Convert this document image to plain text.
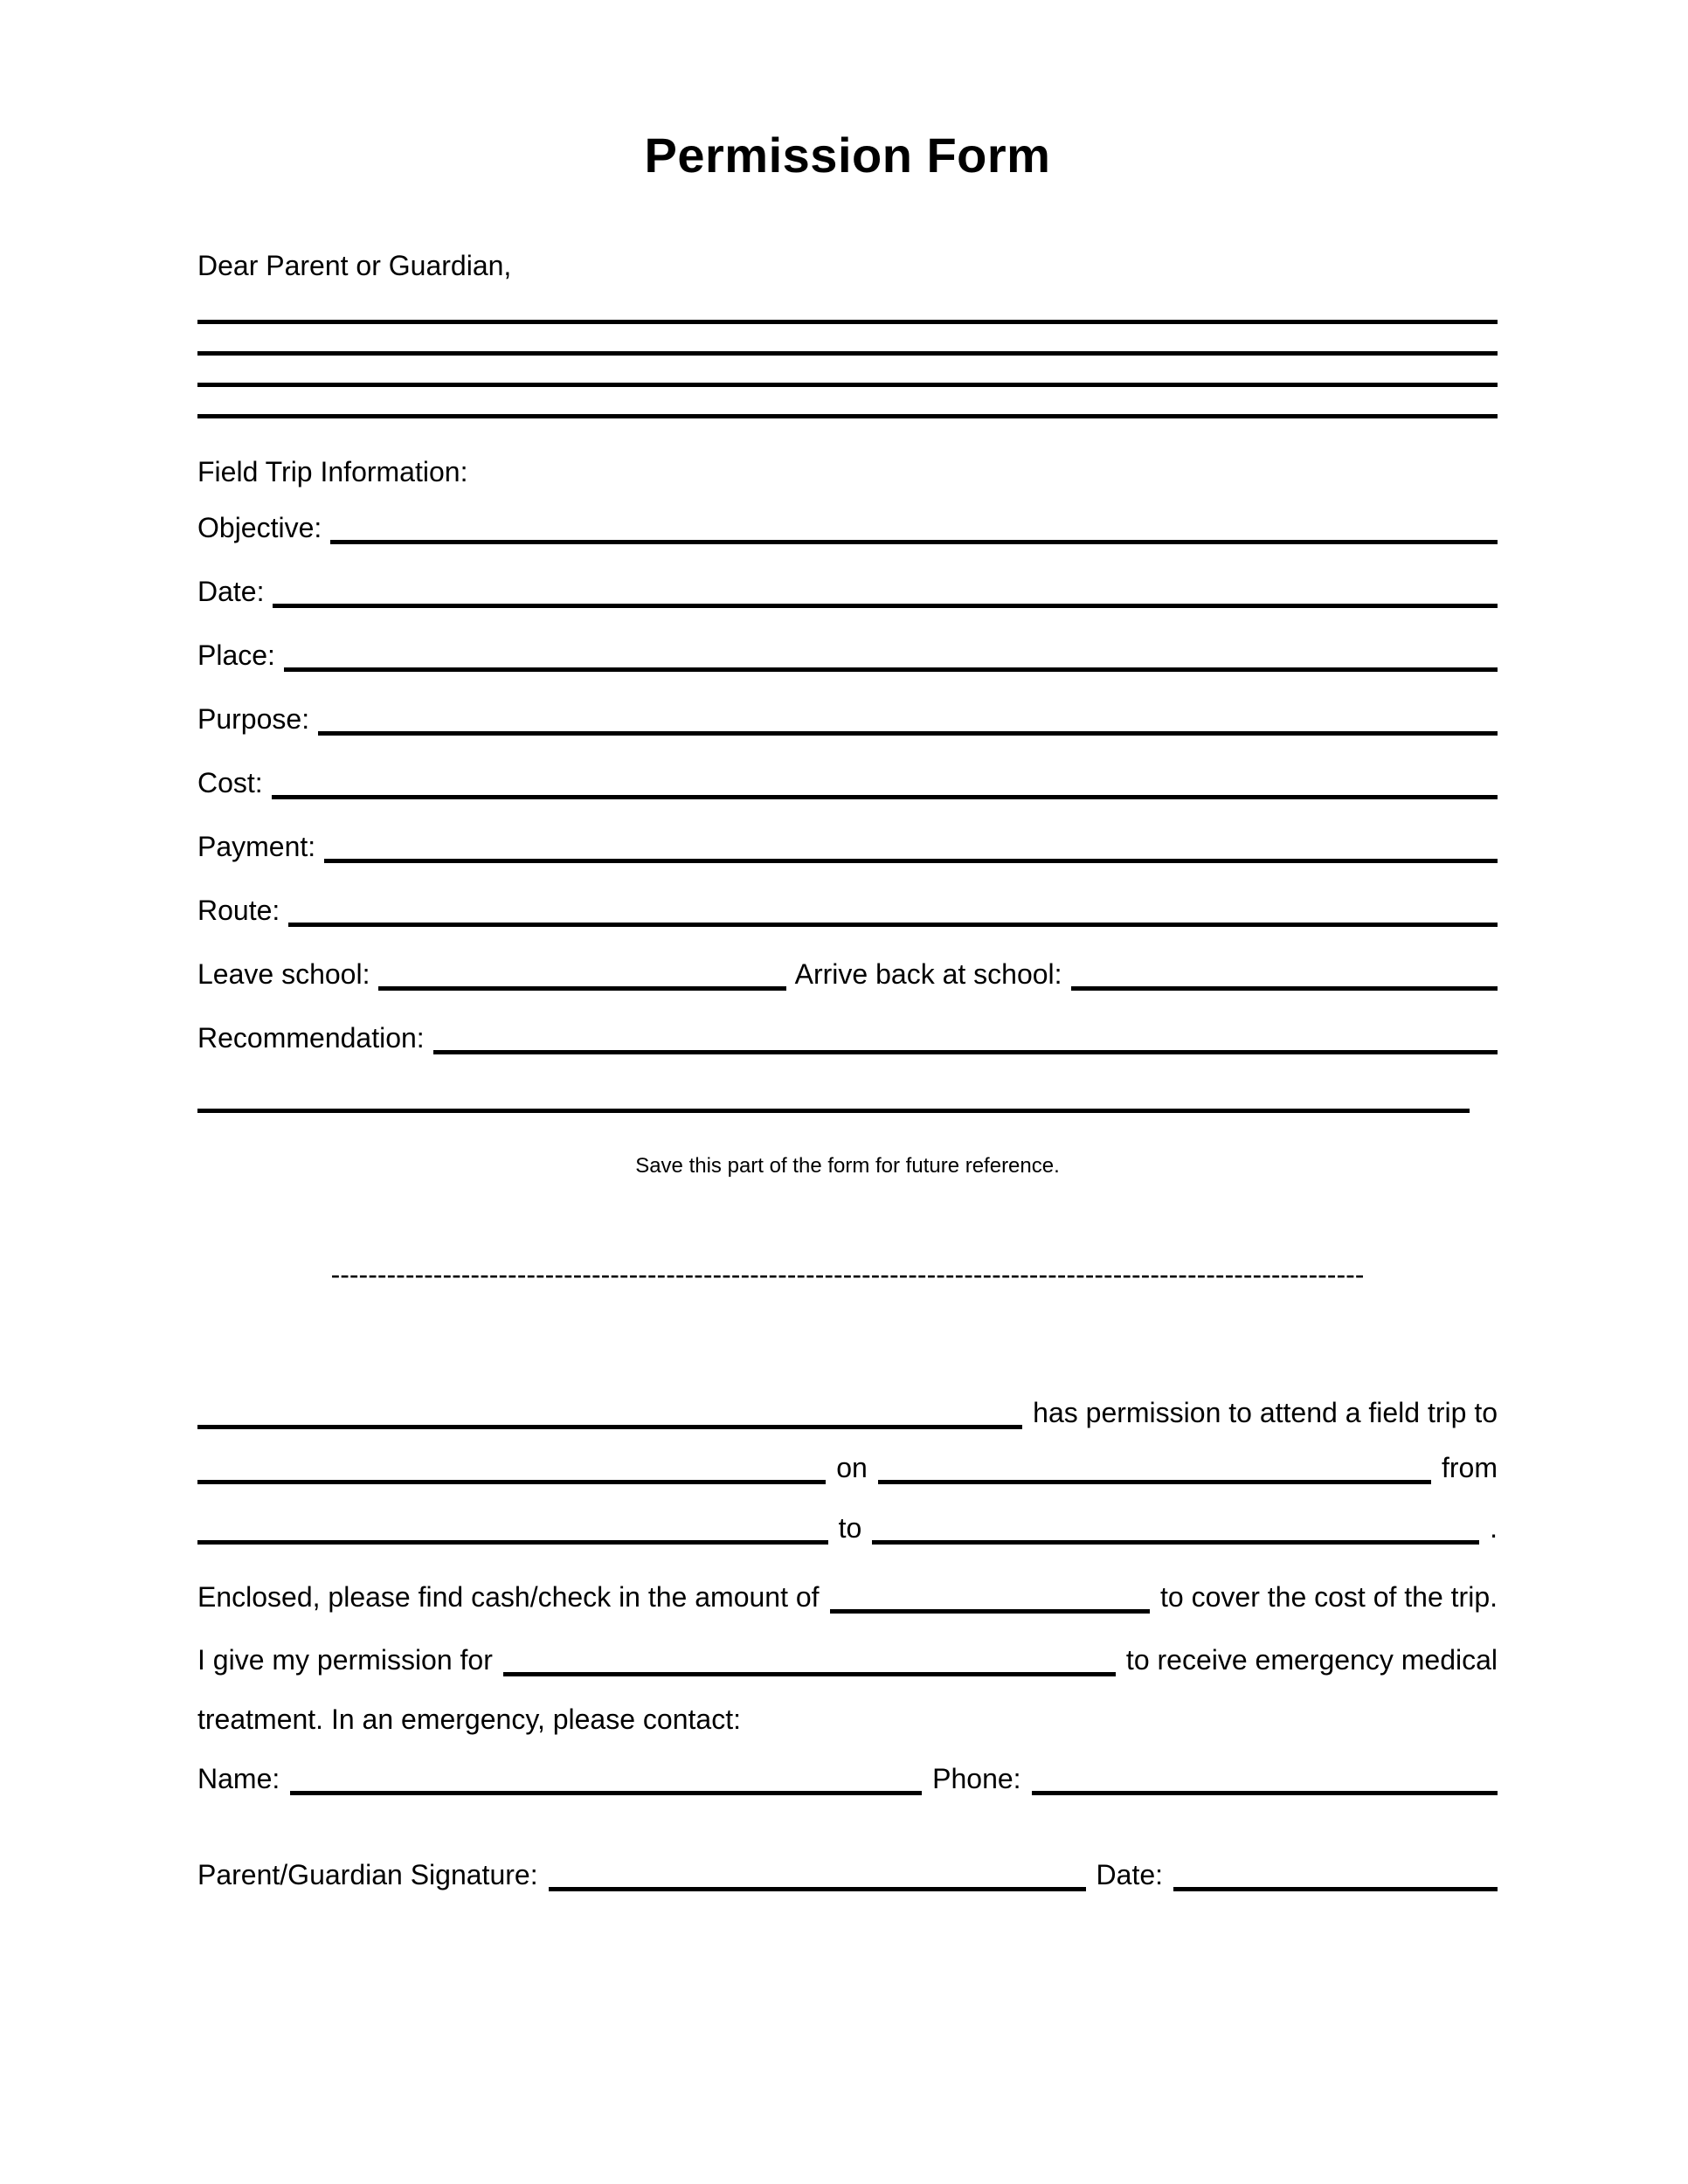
Permission Form

Dear Parent or Guardian,

Field Trip Information:

Objective:
Date:
Place:
Purpose:
Cost:
Payment:
Route:
Leave school:	Arrive back at school:
Recommendation:

Save this part of the form for future reference.

---------------------------------------------------------------------------------------------------------------
has permission to attend a field trip to
on	from
to	.
Enclosed, please find cash/check in the amount of	to cover the cost of the trip.
I give my permission for	to receive emergency medical

treatment. In an emergency, please contact:

Name:	Phone:
Parent/Guardian Signature:	Date:
